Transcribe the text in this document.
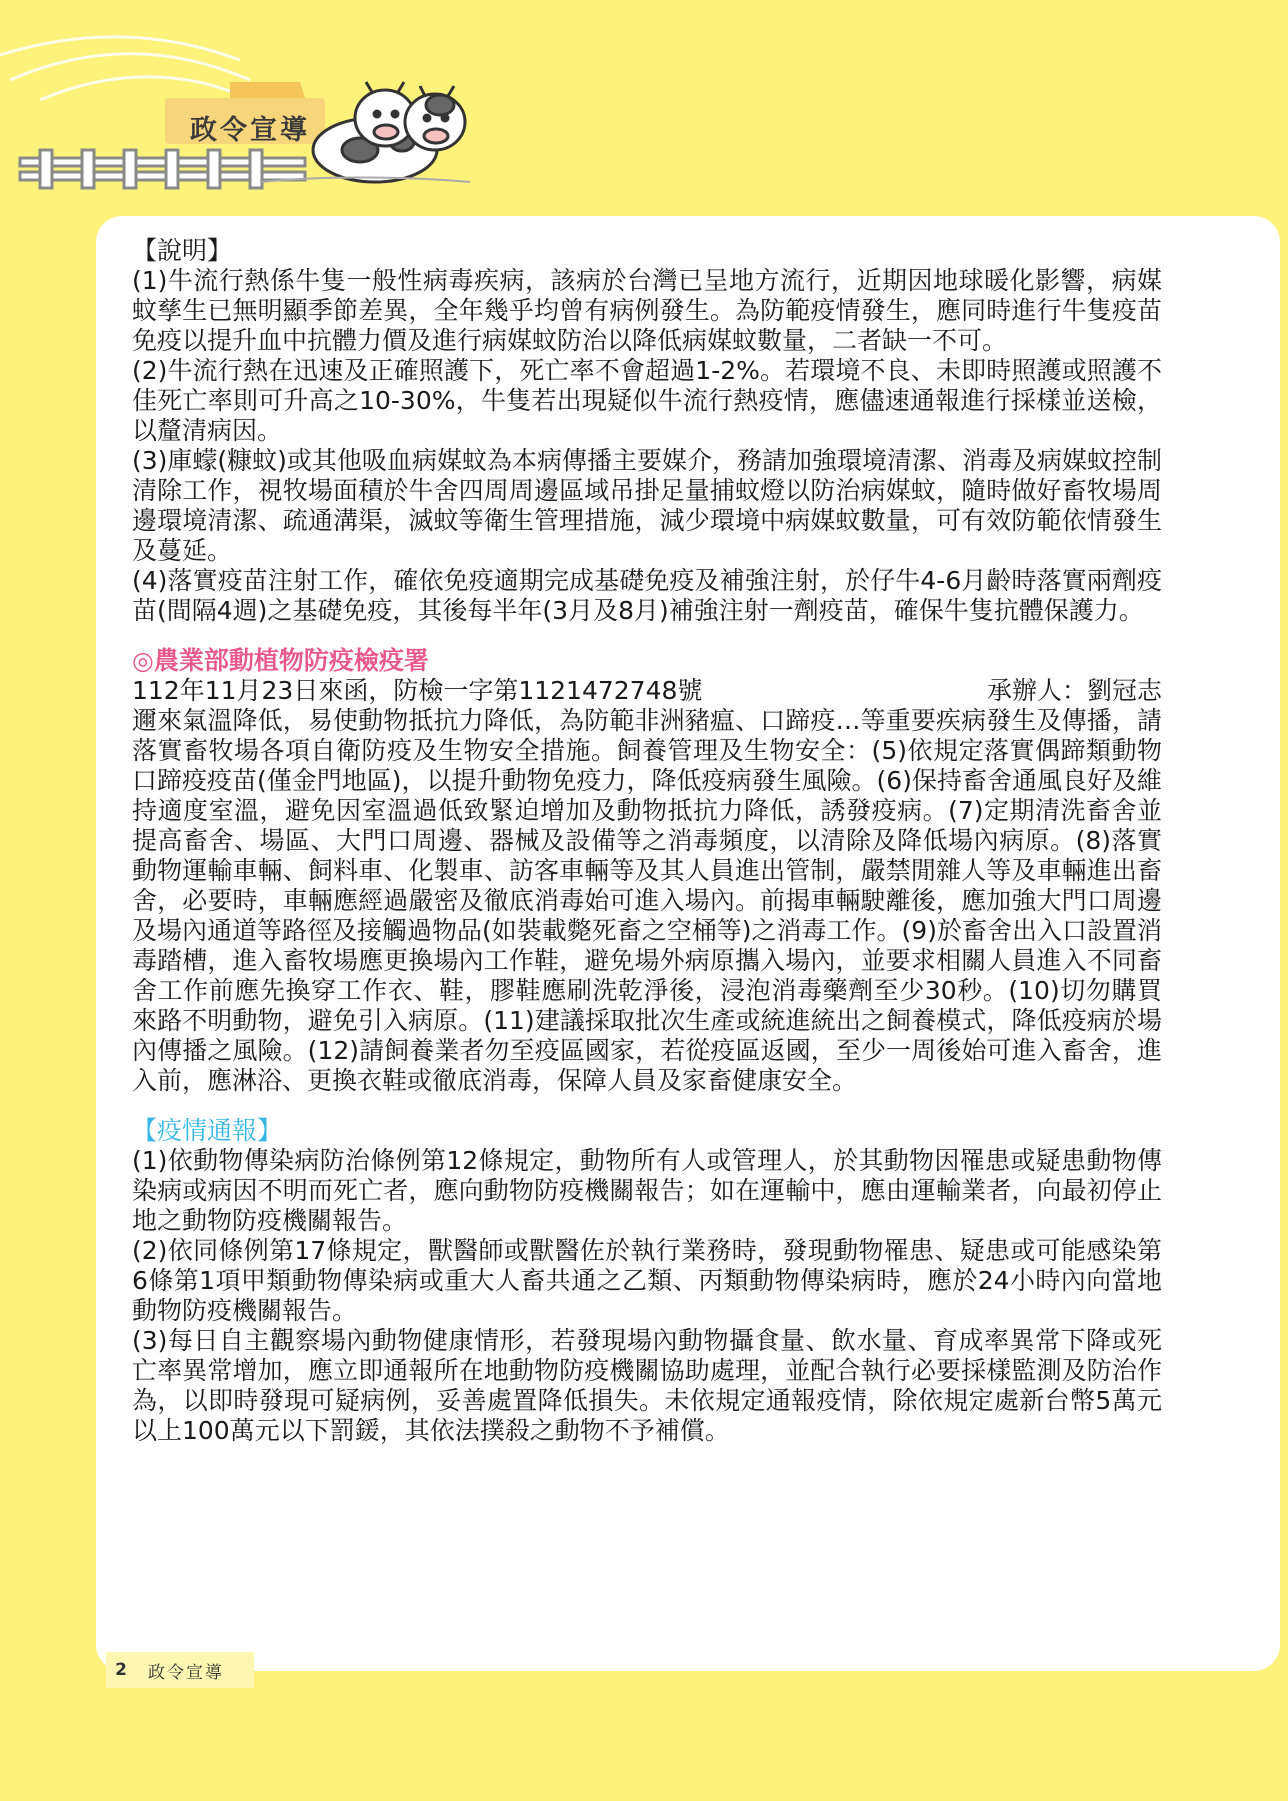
政令宣導

【說明】

(1)牛流行熱係牛隻一般性病毒疾病，該病於台灣已呈地方流行，近期因地球暖化影響，病媒蚊孳生已無明顯季節差異，全年幾乎均曾有病例發生。為防範疫情發生，應同時進行牛隻疫苗免疫以提升血中抗體力價及進行病媒蚊防治以降低病媒蚊數量，二者缺一不可。

(2)牛流行熱在迅速及正確照護下，死亡率不會超過1-2%。若環境不良、未即時照護或照護不佳死亡率則可升高之10-30%，牛隻若出現疑似牛流行熱疫情，應儘速通報進行採樣並送檢，以釐清病因。

(3)庫蠓(糠蚊)或其他吸血病媒蚊為本病傳播主要媒介，務請加強環境清潔、消毒及病媒蚊控制清除工作，視牧場面積於牛舍四周周邊區域吊掛足量捕蚊燈以防治病媒蚊，隨時做好畜牧場周邊環境清潔、疏通溝渠，滅蚊等衛生管理措施，減少環境中病媒蚊數量，可有效防範依情發生及蔓延。

(4)落實疫苗注射工作，確依免疫適期完成基礎免疫及補強注射，於仔牛4-6月齡時落實兩劑疫苗(間隔4週)之基礎免疫，其後每半年(3月及8月)補強注射一劑疫苗，確保牛隻抗體保護力。

◎農業部動植物防疫檢疫署

112年11月23日來函，防檢一字第1121472748號	承辦人：劉冠志

邇來氣溫降低，易使動物抵抗力降低，為防範非洲豬瘟、口蹄疫…等重要疾病發生及傳播，請落實畜牧場各項自衛防疫及生物安全措施。飼養管理及生物安全：(5)依規定落實偶蹄類動物口蹄疫疫苗(僅金門地區)，以提升動物免疫力，降低疫病發生風險。(6)保持畜舍通風良好及維持適度室溫，避免因室溫過低致緊迫增加及動物抵抗力降低，誘發疫病。(7)定期清洗畜舍並提高畜舍、場區、大門口周邊、器械及設備等之消毒頻度，以清除及降低場內病原。(8)落實動物運輸車輛、飼料車、化製車、訪客車輛等及其人員進出管制，嚴禁閒雜人等及車輛進出畜舍，必要時，車輛應經過嚴密及徹底消毒始可進入場內。前揭車輛駛離後，應加強大門口周邊及場內通道等路徑及接觸過物品(如裝載斃死畜之空桶等)之消毒工作。(9)於畜舍出入口設置消毒踏槽，進入畜牧場應更換場內工作鞋，避免場外病原攜入場內，並要求相關人員進入不同畜舍工作前應先換穿工作衣、鞋，膠鞋應刷洗乾淨後，浸泡消毒藥劑至少30秒。(10)切勿購買來路不明動物，避免引入病原。(11)建議採取批次生產或統進統出之飼養模式，降低疫病於場內傳播之風險。(12)請飼養業者勿至疫區國家，若從疫區返國，至少一周後始可進入畜舍，進入前，應淋浴、更換衣鞋或徹底消毒，保障人員及家畜健康安全。

【疫情通報】

(1)依動物傳染病防治條例第12條規定，動物所有人或管理人，於其動物因罹患或疑患動物傳染病或病因不明而死亡者，應向動物防疫機關報告；如在運輸中，應由運輸業者，向最初停止地之動物防疫機關報告。

(2)依同條例第17條規定，獸醫師或獸醫佐於執行業務時，發現動物罹患、疑患或可能感染第6條第1項甲類動物傳染病或重大人畜共通之乙類、丙類動物傳染病時，應於24小時內向當地動物防疫機關報告。

(3)每日自主觀察場內動物健康情形，若發現場內動物攝食量、飲水量、育成率異常下降或死亡率異常增加，應立即通報所在地動物防疫機關協助處理，並配合執行必要採樣監測及防治作為，以即時發現可疑病例，妥善處置降低損失。未依規定通報疫情，除依規定處新台幣5萬元以上100萬元以下罰鍰，其依法撲殺之動物不予補償。

2	政令宣導
